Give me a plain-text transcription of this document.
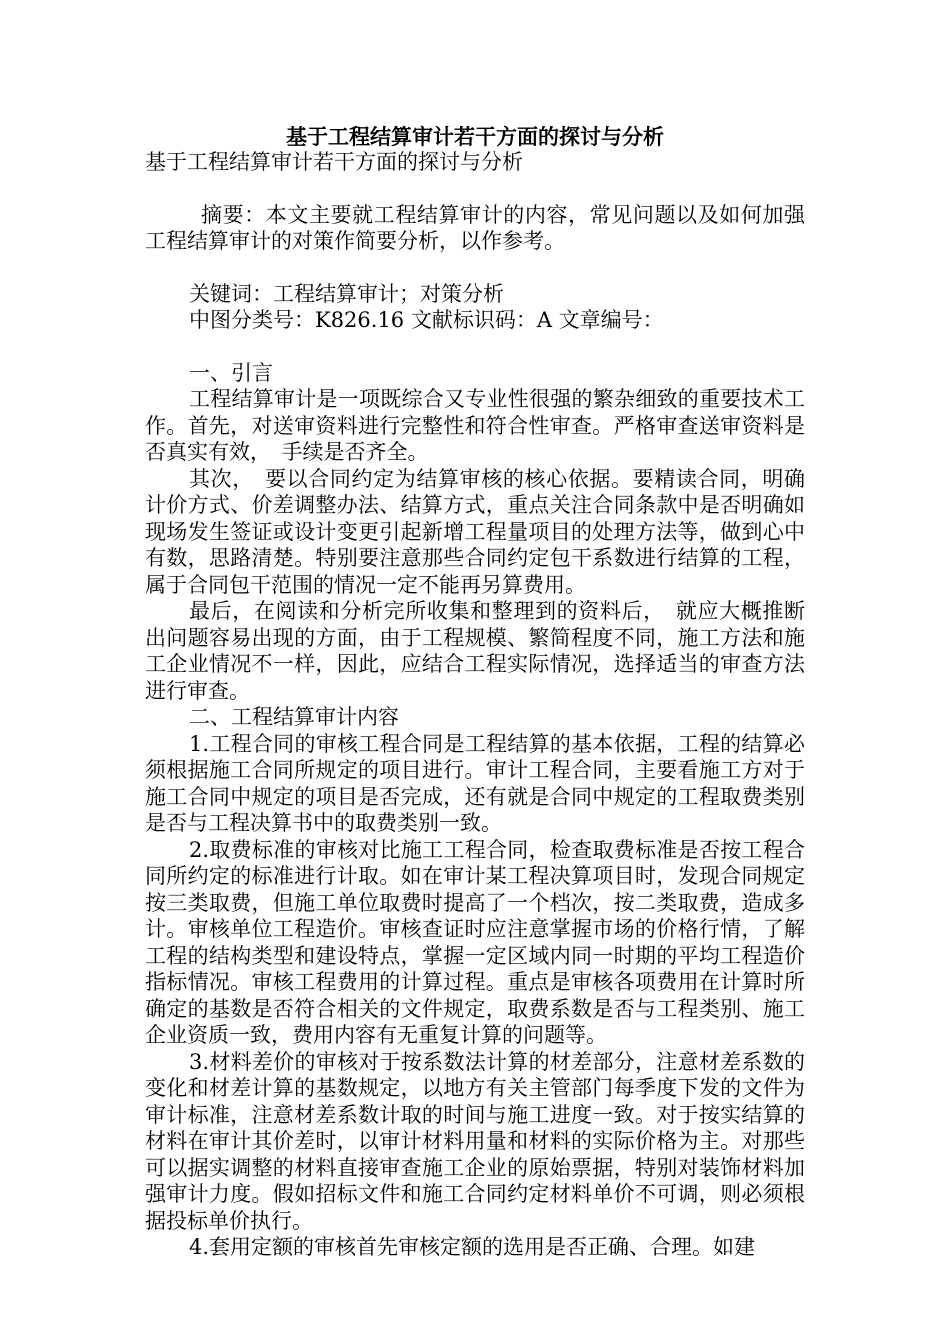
基于工程结算审计若干方面的探讨与分析

基于工程结算审计若干方面的探讨与分析

摘要：本文主要就工程结算审计的内容，常见问题以及如何加强工程结算审计的对策作简要分析，以作参考。

关键词：工程结算审计；对策分析

中图分类号：K826.16 文献标识码：A 文章编号：

一、引言

工程结算审计是一项既综合又专业性很强的繁杂细致的重要技术工作。首先，对送审资料进行完整性和符合性审查。严格审查送审资料是否真实有效，　手续是否齐全。

其次，　要以合同约定为结算审核的核心依据。要精读合同，明确计价方式、价差调整办法、结算方式，重点关注合同条款中是否明确如现场发生签证或设计变更引起新增工程量项目的处理方法等，做到心中有数，思路清楚。特别要注意那些合同约定包干系数进行结算的工程，属于合同包干范围的情况一定不能再另算费用。

最后，在阅读和分析完所收集和整理到的资料后，　就应大概推断出问题容易出现的方面，由于工程规模、繁简程度不同，施工方法和施工企业情况不一样，因此，应结合工程实际情况，选择适当的审查方法进行审查。

二、工程结算审计内容

1.工程合同的审核工程合同是工程结算的基本依据，工程的结算必须根据施工合同所规定的项目进行。审计工程合同，主要看施工方对于施工合同中规定的项目是否完成，还有就是合同中规定的工程取费类别是否与工程决算书中的取费类别一致。

2.取费标准的审核对比施工工程合同，检查取费标准是否按工程合同所约定的标准进行计取。如在审计某工程决算项目时，发现合同规定按三类取费，但施工单位取费时提高了一个档次，按二类取费，造成多计。审核单位工程造价。审核查证时应注意掌握市场的价格行情，了解工程的结构类型和建设特点，掌握一定区域内同一时期的平均工程造价指标情况。审核工程费用的计算过程。重点是审核各项费用在计算时所确定的基数是否符合相关的文件规定，取费系数是否与工程类别、施工企业资质一致，费用内容有无重复计算的问题等。

3.材料差价的审核对于按系数法计算的材差部分，注意材差系数的变化和材差计算的基数规定，以地方有关主管部门每季度下发的文件为审计标准，注意材差系数计取的时间与施工进度一致。对于按实结算的材料在审计其价差时，以审计材料用量和材料的实际价格为主。对那些可以据实调整的材料直接审查施工企业的原始票据，特别对装饰材料加强审计力度。假如招标文件和施工合同约定材料单价不可调，则必须根据投标单价执行。

4.套用定额的审核首先审核定额的选用是否正确、合理。如建
